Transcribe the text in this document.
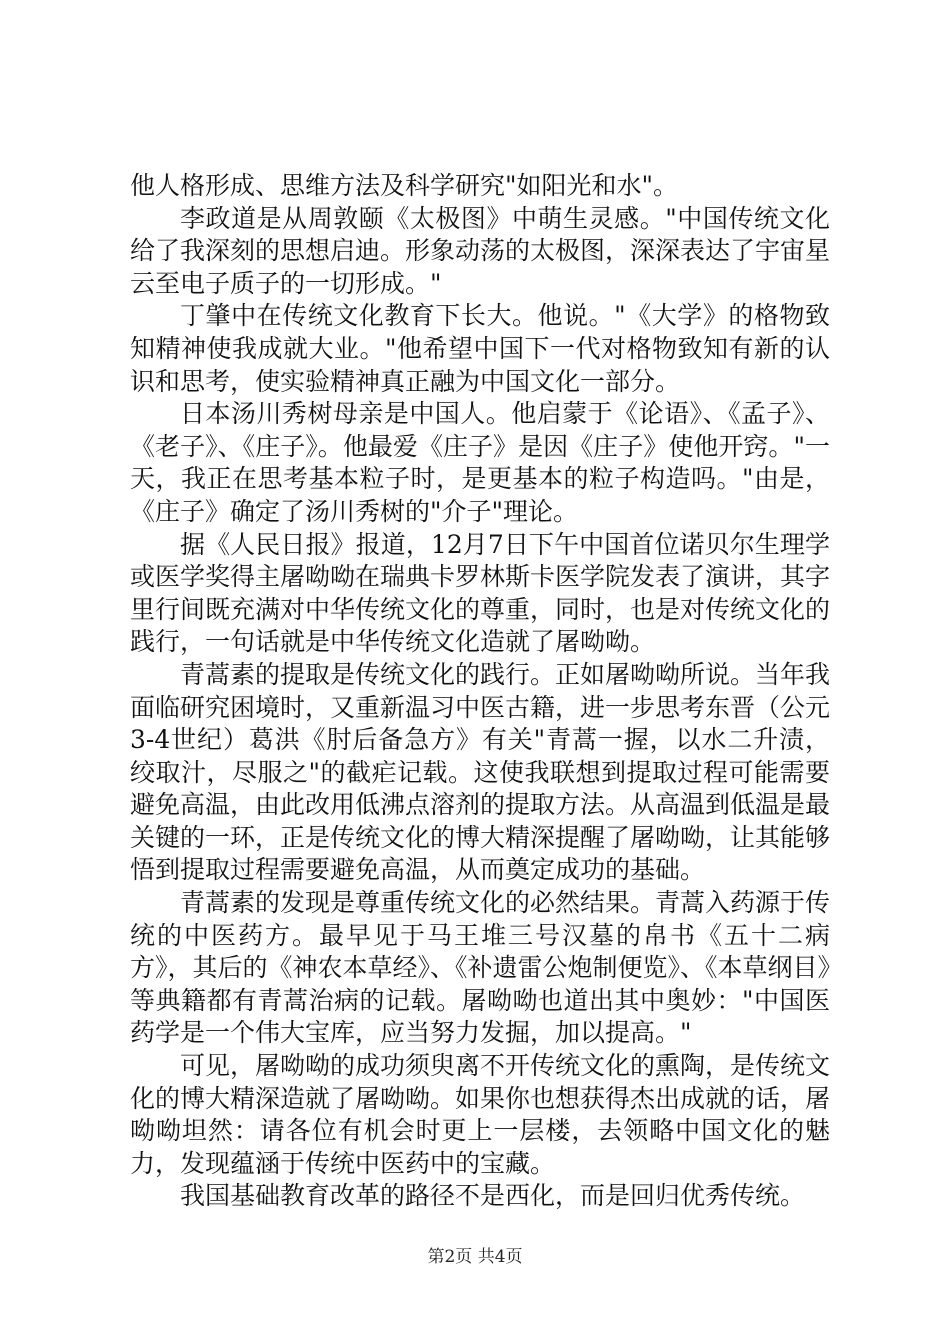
他人格形成、思维方法及科学研究"如阳光和水"。

李政道是从周敦颐《太极图》中萌生灵感。"中国传统文化给了我深刻的思想启迪。形象动荡的太极图，深深表达了宇宙星云至电子质子的一切形成。"

丁肇中在传统文化教育下长大。他说。"《大学》的格物致知精神使我成就大业。"他希望中国下一代对格物致知有新的认识和思考，使实验精神真正融为中国文化一部分。

日本汤川秀树母亲是中国人。他启蒙于《论语》、《孟子》、《老子》、《庄子》。他最爱《庄子》是因《庄子》使他开窍。"一天，我正在思考基本粒子时，是更基本的粒子构造吗。"由是，《庄子》确定了汤川秀树的"介子"理论。

据《人民日报》报道，12月7日下午中国首位诺贝尔生理学或医学奖得主屠呦呦在瑞典卡罗林斯卡医学院发表了演讲，其字里行间既充满对中华传统文化的尊重，同时，也是对传统文化的践行，一句话就是中华传统文化造就了屠呦呦。

青蒿素的提取是传统文化的践行。正如屠呦呦所说。当年我面临研究困境时，又重新温习中医古籍，进一步思考东晋（公元3-4世纪）葛洪《肘后备急方》有关"青蒿一握，以水二升渍，绞取汁，尽服之"的截疟记载。这使我联想到提取过程可能需要避免高温，由此改用低沸点溶剂的提取方法。从高温到低温是最关键的一环，正是传统文化的博大精深提醒了屠呦呦，让其能够悟到提取过程需要避免高温，从而奠定成功的基础。

青蒿素的发现是尊重传统文化的必然结果。青蒿入药源于传统的中医药方。最早见于马王堆三号汉墓的帛书《五十二病方》，其后的《神农本草经》、《补遗雷公炮制便览》、《本草纲目》等典籍都有青蒿治病的记载。屠呦呦也道出其中奥妙："中国医药学是一个伟大宝库，应当努力发掘，加以提高。"

可见，屠呦呦的成功须臾离不开传统文化的熏陶，是传统文化的博大精深造就了屠呦呦。如果你也想获得杰出成就的话，屠呦呦坦然：请各位有机会时更上一层楼，去领略中国文化的魅力，发现蕴涵于传统中医药中的宝藏。

我国基础教育改革的路径不是西化，而是回归优秀传统。

第2页 共4页
